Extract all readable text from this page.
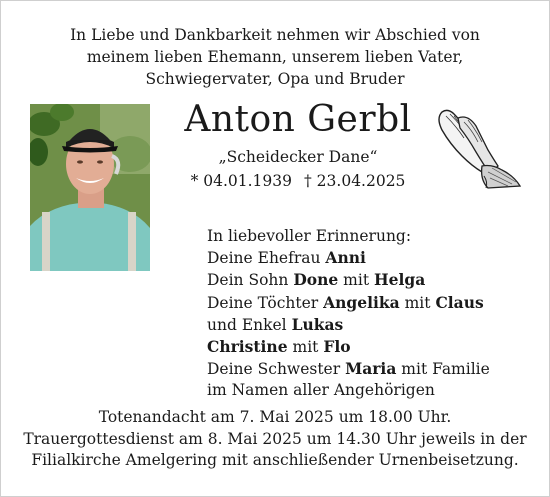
In Liebe und Dankbarkeit nehmen wir Abschied von
meinem lieben Ehemann, unserem lieben Vater,
Schwiegervater, Opa und Bruder
Anton Gerbl
„Scheidecker Dane“
* 04.01.1939 † 23.04.2025
In liebevoller Erinnerung:
Deine Ehefrau Anni
Dein Sohn Done mit Helga
Deine Töchter Angelika mit Claus
und Enkel Lukas
Christine mit Flo
Deine Schwester Maria mit Familie
im Namen aller Angehörigen
Totenandacht am 7. Mai 2025 um 18.00 Uhr.
Trauergottesdienst am 8. Mai 2025 um 14.30 Uhr jeweils in der
Filialkirche Amelgering mit anschließender Urnenbeisetzung.
